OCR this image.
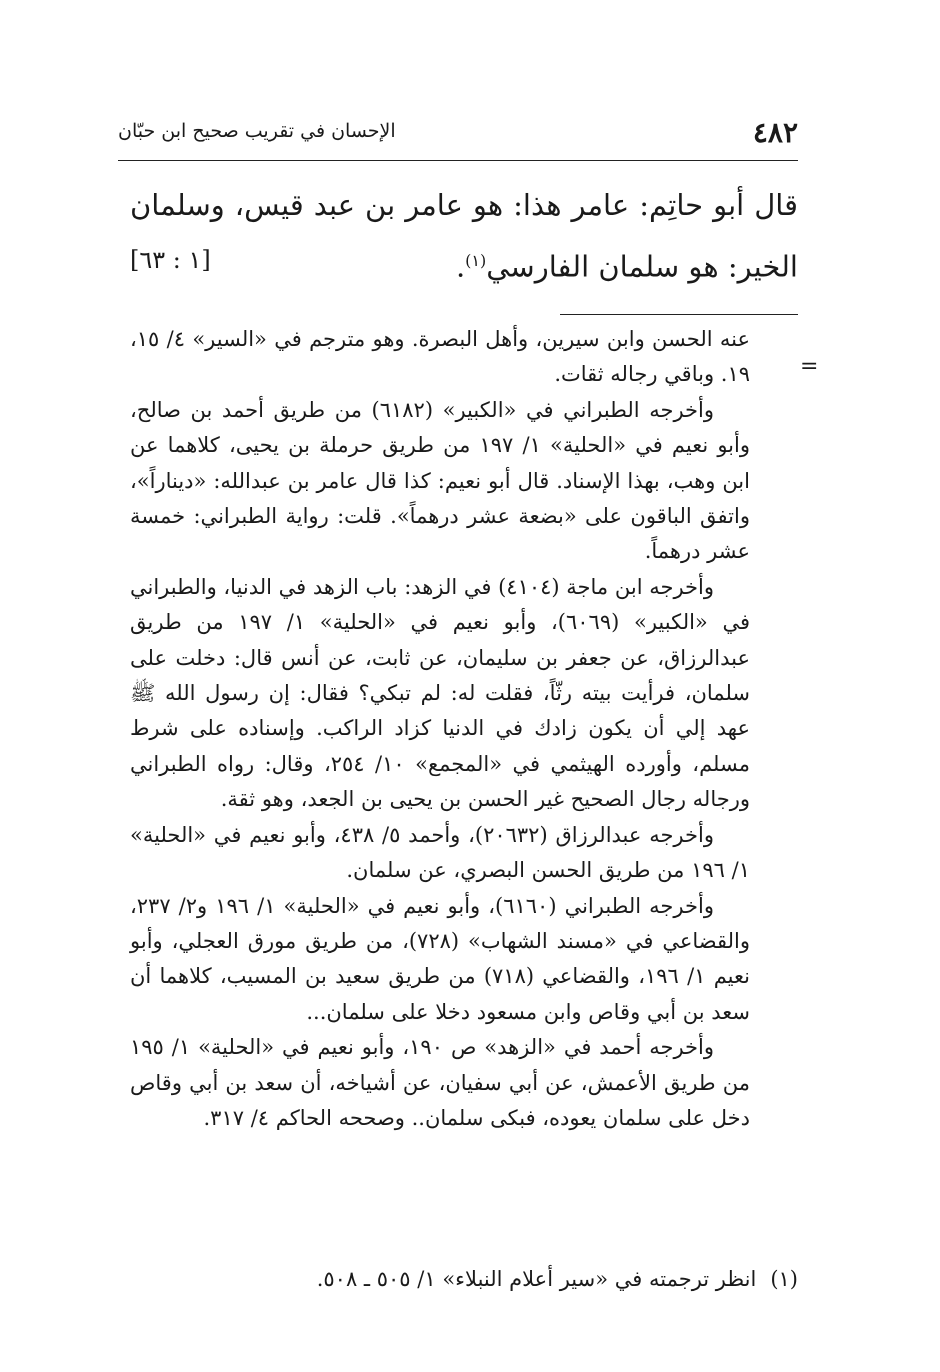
٤٨٢
الإحسان في تقريب صحيح ابن حبّان
قال أبو حاتِم: عامر هذا: هو عامر بن عبد قيس، وسلمان
الخير: هو سلمان الفارسي$^{(١)}$.
[١ : ٦٣]
=

عنه الحسن وابن سيرين، وأهل البصرة. وهو مترجم في «السير» ٤/ ١٥، ١٩. وباقي رجاله ثقات.

وأخرجه الطبراني في «الكبير» (٦١٨٢) من طريق أحمد بن صالح، وأبو نعيم في «الحلية» ١/ ١٩٧ من طريق حرملة بن يحيى، كلاهما عن ابن وهب، بهذا الإسناد. قال أبو نعيم: كذا قال عامر بن عبدالله: «ديناراً»، واتفق الباقون على «بضعة عشر درهماً». قلت: رواية الطبراني: خمسة عشر درهماً.

وأخرجه ابن ماجة (٤١٠٤) في الزهد: باب الزهد في الدنيا، والطبراني في «الكبير» (٦٠٦٩)، وأبو نعيم في «الحلية» ١/ ١٩٧ من طريق عبدالرزاق، عن جعفر بن سليمان، عن ثابت، عن أنس قال: دخلت على سلمان، فرأيت بيته رثّاً، فقلت له: لم تبكي؟ فقال: إن رسول الله ﷺ عهد إلي أن يكون زادك في الدنيا كزاد الراكب. وإسناده على شرط مسلم، وأورده الهيثمي في «المجمع» ١٠/ ٢٥٤، وقال: رواه الطبراني ورجاله رجال الصحيح غير الحسن بن يحيى بن الجعد، وهو ثقة.

وأخرجه عبدالرزاق (٢٠٦٣٢)، وأحمد ٥/ ٤٣٨، وأبو نعيم في «الحلية» ١/ ١٩٦ من طريق الحسن البصري، عن سلمان.

وأخرجه الطبراني (٦١٦٠)، وأبو نعيم في «الحلية» ١/ ١٩٦ و٢/ ٢٣٧، والقضاعي في «مسند الشهاب» (٧٢٨)، من طريق مورق العجلي، وأبو نعيم ١/ ١٩٦، والقضاعي (٧١٨) من طريق سعيد بن المسيب، كلاهما أن سعد بن أبي وقاص وابن مسعود دخلا على سلمان...

وأخرجه أحمد في «الزهد» ص ١٩٠، وأبو نعيم في «الحلية» ١/ ١٩٥ من طريق الأعمش، عن أبي سفيان، عن أشياخه، أن سعد بن أبي وقاص دخل على سلمان يعوده، فبكى سلمان.. وصححه الحاكم ٤/ ٣١٧.

(١)انظر ترجمته في «سير أعلام النبلاء» ١/ ٥٠٥ ـ ٥٠٨.
